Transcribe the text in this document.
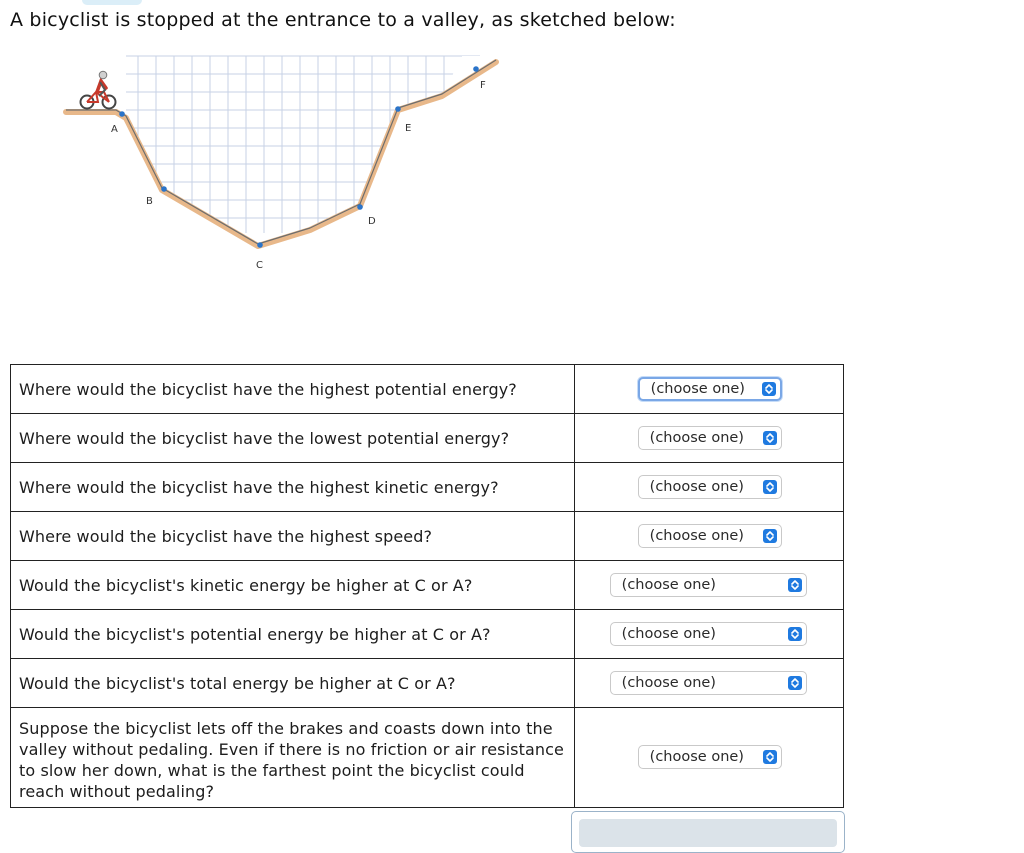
A bicyclist is stopped at the entrance to a valley, as sketched below:
A
B
C
D
E
F
Where would the bicyclist have the highest potential energy?	(choose one)

Where would the bicyclist have the lowest potential energy?	(choose one)

Where would the bicyclist have the highest kinetic energy?	(choose one)

Where would the bicyclist have the highest speed?	(choose one)

Would the bicyclist's kinetic energy be higher at C or A?	(choose one)

Would the bicyclist's potential energy be higher at C or A?	(choose one)

Would the bicyclist's total energy be higher at C or A?	(choose one)

Suppose the bicyclist lets off the brakes and coasts down into the valley without pedaling. Even if there is no friction or air resistance to slow her down, what is the farthest point the bicyclist could reach without pedaling?	(choose one)
